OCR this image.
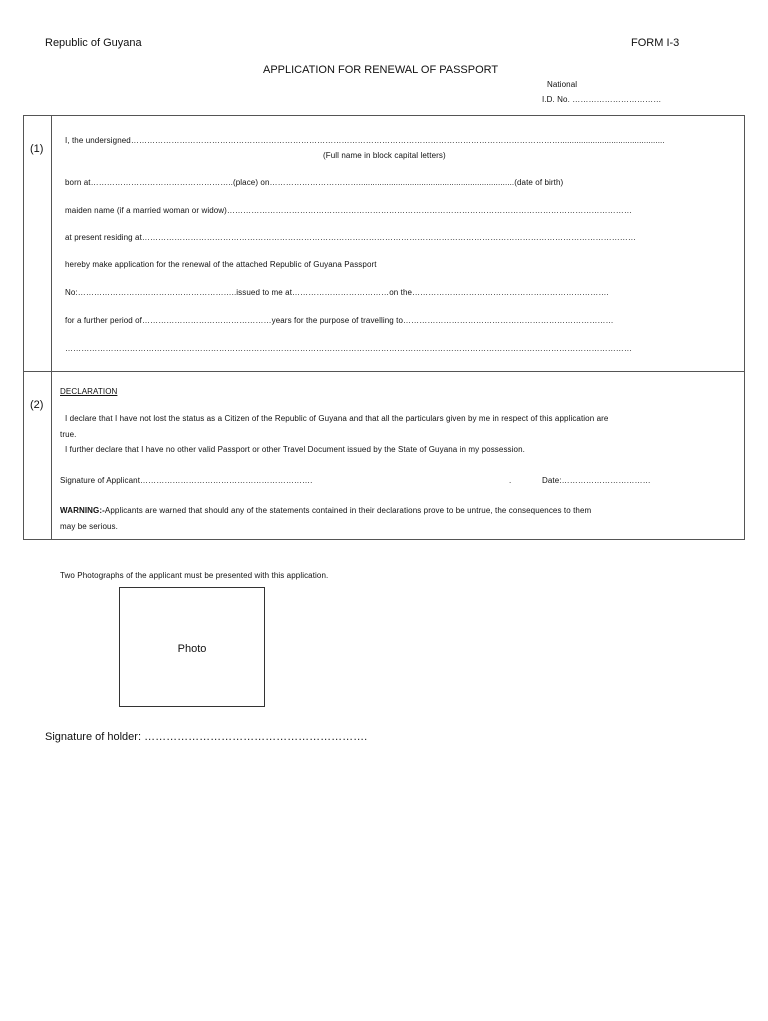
Republic of Guyana	FORM I-3
APPLICATION FOR RENEWAL OF PASSPORT
National
I.D. No. ……………………………
(1)
I, the undersigned…………………………………………………………………………………………………………………………………………….............................................
(Full name in block capital letters)
born at……………………………………………..(place) on……………………………...................................................................(date of birth)
maiden name (if a married woman or widow)……………………………………………………………………………………………………………………………………
at present residing at…………………………………………………………………………………………………………………………………………………………………
hereby make application for the renewal of the attached Republic of Guyana Passport
No:…………………………………………………..issued to me at………………………………on the……………………………………………………………….
for a further period of…………………………………………years for the purpose of travelling to……………………………………………………………………
…………………………………………………………………………………………………………………………………………………………………………………………
(2)
DECLARATION
I declare that I have not lost the status as a Citizen of the Republic of Guyana and that all the particulars given by me in respect of this application are
true.
I further declare that I have no other valid Passport or other Travel Document issued by the State of Guyana in my possession.
Signature of Applicant……………………………………………………….	.	Date:……………………………
WARNING:-Applicants are warned that should any of the statements contained in their declarations prove to be untrue, the consequences to them
may be serious.
Two Photographs of the applicant must be presented with this application.
Photo
Signature of holder: …………………………………………………….
